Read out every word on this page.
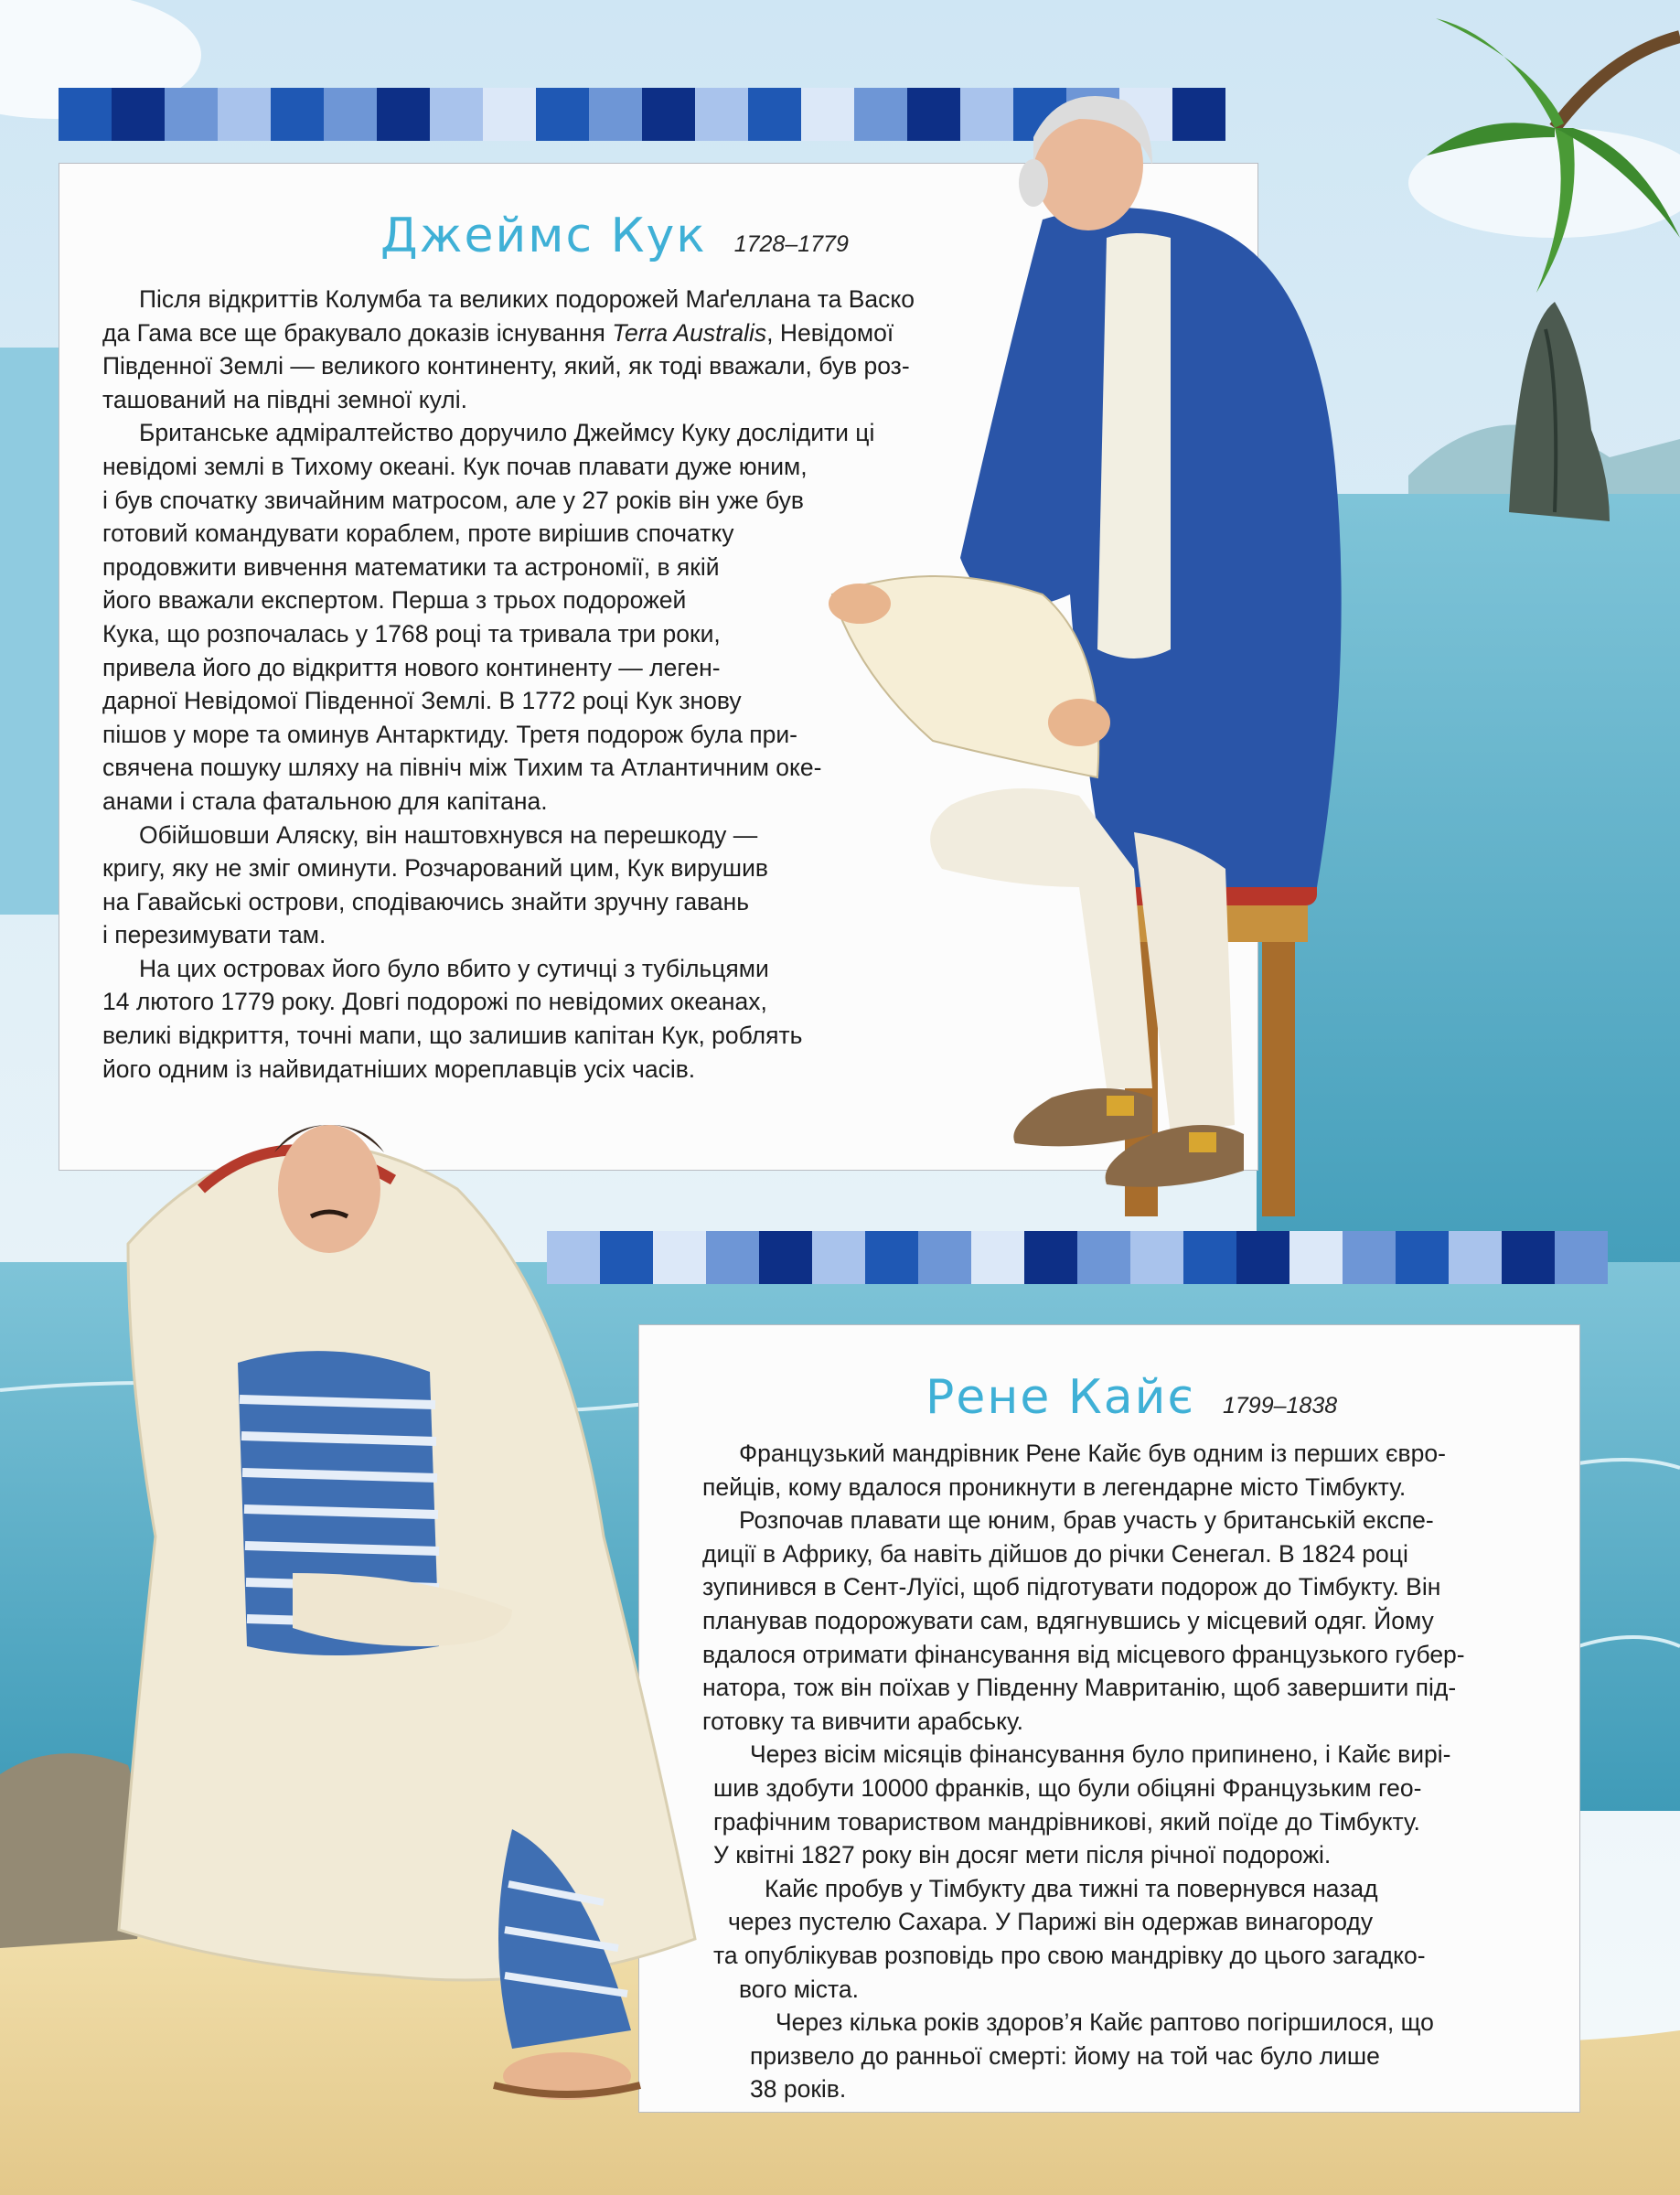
Джеймс Кук 1728–1779
Після відкриттів Колумба та великих подорожей Маґеллана та Васко
да Гама все ще бракувало доказів існування Terra Australis, Невідомої
Південної Землі — великого континенту, який, як тоді вважали, був роз-
ташований на півдні земної кулі.
Британське адміралтейство доручило Джеймсу Куку дослідити ці
невідомі землі в Тихому океані. Кук почав плавати дуже юним,
і був спочатку звичайним матросом, але у 27 років він уже був
готовий командувати кораблем, проте вирішив спочатку
продовжити вивчення математики та астрономії, в якій
його вважали експертом. Перша з трьох подорожей
Кука, що розпочалась у 1768 році та тривала три роки,
привела його до відкриття нового континенту — леген-
дарної Невідомої Південної Землі. В 1772 році Кук знову
пішов у море та оминув Антарктиду. Третя подорож була при-
свячена пошуку шляху на північ між Тихим та Атлантичним оке-
анами і стала фатальною для капітана.
Обійшовши Аляску, він наштовхнувся на перешкоду —
кригу, яку не зміг оминути. Розчарований цим, Кук вирушив
на Гавайські острови, сподіваючись знайти зручну гавань
і перезимувати там.
На цих островах його було вбито у сутичці з тубільцями
14 лютого 1779 року. Довгі подорожі по невідомих океанах,
великі відкриття, точні мапи, що залишив капітан Кук, роблять
його одним із найвидатніших мореплавців усіх часів.
Рене Кайє 1799–1838
Французький мандрівник Рене Кайє був одним із перших євро-
пейців, кому вдалося проникнути в легендарне місто Тімбукту.
Розпочав плавати ще юним, брав участь у британській експе-
диції в Африку, ба навіть дійшов до річки Сенегал. В 1824 році
зупинився в Сент-Луїсі, щоб підготувати подорож до Тімбукту. Він
планував подорожувати сам, вдягнувшись у місцевий одяг. Йому
вдалося отримати фінансування від місцевого французького губер-
натора, тож він поїхав у Південну Мавританію, щоб завершити під-
готовку та вивчити арабську.
Через вісім місяців фінансування було припинено, і Кайє вирі-
шив здобути 10000 франків, що були обіцяні Французьким гео-
графічним товариством мандрівникові, який поїде до Тімбукту.
У квітні 1827 року він досяг мети після річної подорожі.
Кайє пробув у Тімбукту два тижні та повернувся назад
через пустелю Сахара. У Парижі він одержав винагороду
та опублікував розповідь про свою мандрівку до цього загадко-
вого міста.
Через кілька років здоров’я Кайє раптово погіршилося, що
призвело до ранньої смерті: йому на той час було лише
38 років.
